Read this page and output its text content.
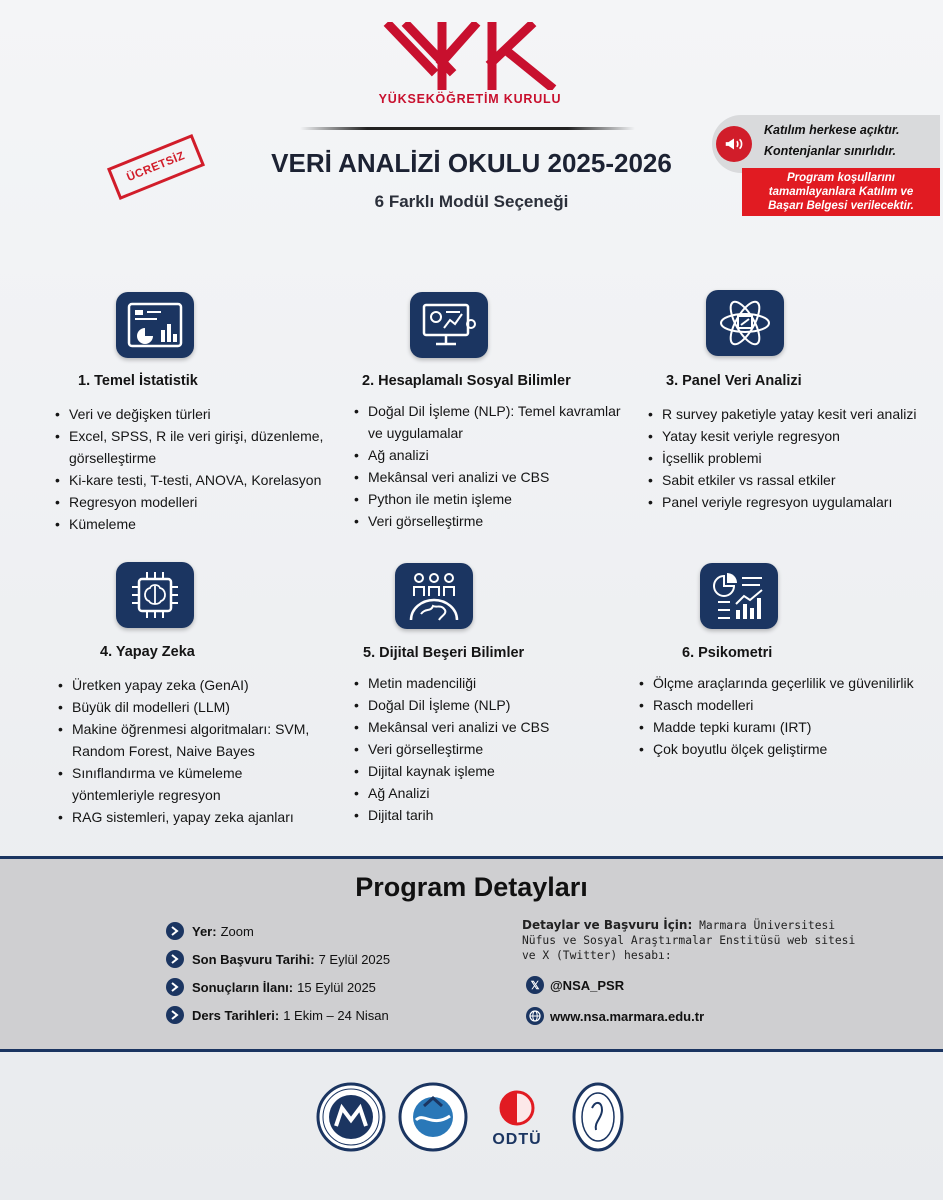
YÜKSEKÖĞRETİM KURULU
VERİ ANALİZİ OKULU 2025-2026
6 Farklı Modül Seçeneği
ÜCRETSİZ
Katılım herkese açıktır.
Kontenjanlar sınırlıdır.
Program koşullarını
tamamlayanlara Katılım ve
Başarı Belgesi verilecektir.
1. Temel İstatistik
• Veri ve değişken türleri
• Excel, SPSS, R ile veri girişi, düzenleme, görselleştirme
• Ki-kare testi, T-testi, ANOVA, Korelasyon
• Regresyon modelleri
• Kümeleme
2. Hesaplamalı Sosyal Bilimler
• Doğal Dil İşleme (NLP): Temel kavramlar ve uygulamalar
• Ağ analizi
• Mekânsal veri analizi ve CBS
• Python ile metin işleme
• Veri görselleştirme
3. Panel Veri Analizi
• R survey paketiyle yatay kesit veri analizi
• Yatay kesit veriyle regresyon
• İçsellik problemi
• Sabit etkiler vs rassal etkiler
• Panel veriyle regresyon uygulamaları
4. Yapay Zeka
• Üretken yapay zeka (GenAI)
• Büyük dil modelleri (LLM)
• Makine öğrenmesi algoritmaları: SVM, Random Forest, Naive Bayes
• Sınıflandırma ve kümeleme yöntemleriyle regresyon
• RAG sistemleri, yapay zeka ajanları
5. Dijital Beşeri Bilimler
• Metin madenciliği
• Doğal Dil İşleme (NLP)
• Mekânsal veri analizi ve CBS
• Veri görselleştirme
• Dijital kaynak işleme
• Ağ Analizi
• Dijital tarih
6. Psikometri
• Ölçme araçlarında geçerlilik ve güvenilirlik
• Rasch modelleri
• Madde tepki kuramı (IRT)
• Çok boyutlu ölçek geliştirme
Program Detayları
Yer: Zoom
Son Başvuru Tarihi: 7 Eylül 2025
Sonuçların İlanı: 15 Eylül 2025
Ders Tarihleri: 1 Ekim – 24 Nisan
Detaylar ve Başvuru İçin: Marmara Üniversitesi Nüfus ve Sosyal Araştırmalar Enstitüsü web sitesi ve X (Twitter) hesabı:
𝕏 @NSA_PSR
www.nsa.marmara.edu.tr
ODTÜ
